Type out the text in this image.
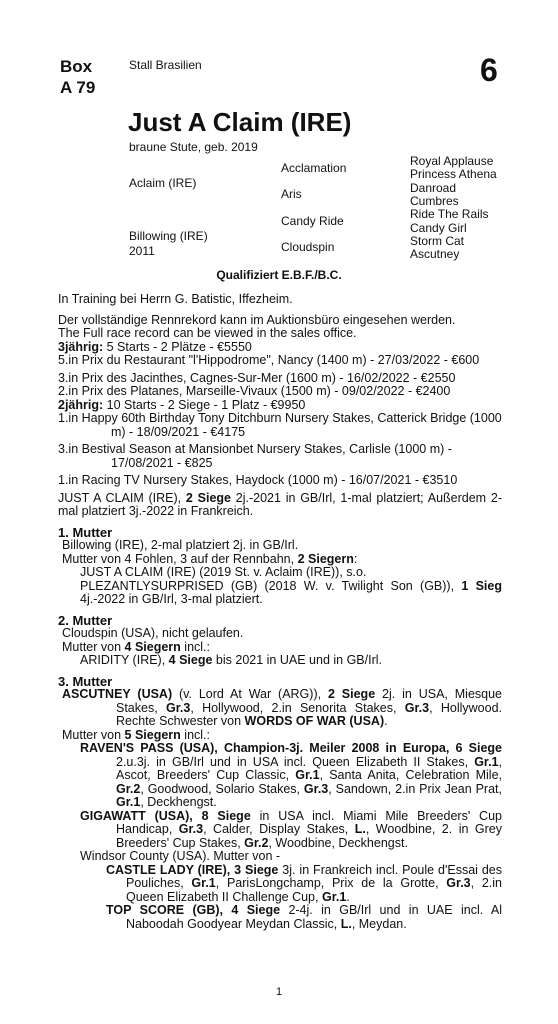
Box
A 79
Stall Brasilien	6
Just A Claim (IRE)
braune Stute, geb. 2019
Aclaim (IRE)
Billowing (IRE)
2011
Acclamation
Aris
Candy Ride
Cloudspin
Royal Applause
Princess Athena
Danroad
Cumbres
Ride The Rails
Candy Girl
Storm Cat
Ascutney
Qualifiziert E.B.F./B.C.

In Training bei Herrn G. Batistic, Iffezheim.

Der vollständige Rennrekord kann im Auktionsbüro eingesehen werden.

The Full race record can be viewed in the sales office.

3jährig: 5 Starts - 2 Plätze - €5550

5.in Prix du Restaurant "l'Hippodrome", Nancy (1400 m) - 27/03/2022 - €600

3.in Prix des Jacinthes, Cagnes-Sur-Mer (1600 m) - 16/02/2022 - €2550

2.in Prix des Platanes, Marseille-Vivaux (1500 m) - 09/02/2022 - €2400

2jährig: 10 Starts - 2 Siege - 1 Platz - €9950

1.in Happy 60th Birthday Tony Ditchburn Nursery Stakes, Catterick Bridge (1000 m) - 18/09/2021 - €4175

3.in Bestival Season at Mansionbet Nursery Stakes, Carlisle (1000 m) - 17/08/2021 - €825

1.in Racing TV Nursery Stakes, Haydock (1000 m) - 16/07/2021 - €3510

JUST A CLAIM (IRE), 2 Siege 2j.-2021 in GB/Irl, 1-mal platziert; Außerdem 2-mal platziert 3j.-2022 in Frankreich.

1. Mutter

Billowing (IRE), 2-mal platziert 2j. in GB/Irl.

Mutter von 4 Fohlen, 3 auf der Rennbahn, 2 Siegern:

JUST A CLAIM (IRE) (2019 St. v. Aclaim (IRE)), s.o.

PLEZANTLYSURPRISED (GB) (2018 W. v. Twilight Son (GB)), 1 Sieg 4j.-2022 in GB/Irl, 3-mal platziert.

2. Mutter

Cloudspin (USA), nicht gelaufen.

Mutter von 4 Siegern incl.:

ARIDITY (IRE), 4 Siege bis 2021 in UAE und in GB/Irl.

3. Mutter

ASCUTNEY (USA) (v. Lord At War (ARG)), 2 Siege 2j. in USA, Miesque Stakes, Gr.3, Hollywood, 2.in Senorita Stakes, Gr.3, Hollywood. Rechte Schwester von WORDS OF WAR (USA).

Mutter von 5 Siegern incl.:

RAVEN'S PASS (USA), Champion-3j. Meiler 2008 in Europa, 6 Siege 2.u.3j. in GB/Irl und in USA incl. Queen Elizabeth II Stakes, Gr.1, Ascot, Breeders' Cup Classic, Gr.1, Santa Anita, Celebration Mile, Gr.2, Goodwood, Solario Stakes, Gr.3, Sandown, 2.in Prix Jean Prat, Gr.1, Deckhengst.

GIGAWATT (USA), 8 Siege in USA incl. Miami Mile Breeders' Cup Handicap, Gr.3, Calder, Display Stakes, L., Woodbine, 2. in Grey Breeders' Cup Stakes, Gr.2, Woodbine, Deckhengst.

Windsor County (USA). Mutter von -

CASTLE LADY (IRE), 3 Siege 3j. in Frankreich incl. Poule d'Essai des Pouliches, Gr.1, ParisLongchamp, Prix de la Grotte, Gr.3, 2.in Queen Elizabeth II Challenge Cup, Gr.1.

TOP SCORE (GB), 4 Siege 2-4j. in GB/Irl und in UAE incl. Al Naboodah Goodyear Meydan Classic, L., Meydan.

1
